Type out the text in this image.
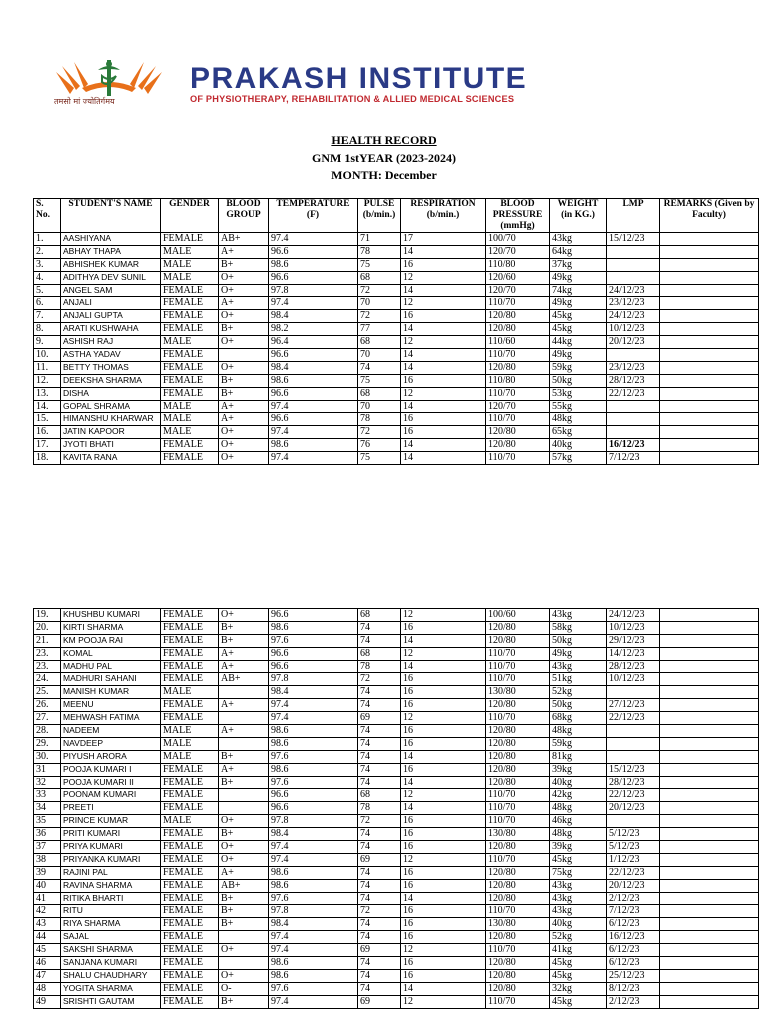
तमसो मां ज्योतिर्गमय
PRAKASH INSTITUTE
OF PHYSIOTHERAPY, REHABILITATION & ALLIED MEDICAL SCIENCES
HEALTH RECORD
GNM 1stYEAR (2023-2024)
MONTH: December
S. No.	STUDENT'S NAME	GENDER	BLOOD GROUP	TEMPERATURE (F)	PULSE (b/min.)	RESPIRATION (b/min.)	BLOOD PRESSURE (mmHg)	WEIGHT (in KG.)	LMP	REMARKS (Given by Faculty)
1.	AASHIYANA	FEMALE	AB+	97.4	71	17	100/70	43kg	15/12/23	
2.	ABHAY THAPA	MALE	A+	96.6	78	14	120/70	64kg		
3.	ABHISHEK KUMAR	MALE	B+	98.6	75	16	110/80	37kg		
4.	ADITHYA DEV SUNIL	MALE	O+	96.6	68	12	120/60	49kg		
5.	ANGEL SAM	FEMALE	O+	97.8	72	14	120/70	74kg	24/12/23	
6.	ANJALI	FEMALE	A+	97.4	70	12	110/70	49kg	23/12/23	
7.	ANJALI GUPTA	FEMALE	O+	98.4	72	16	120/80	45kg	24/12/23	
8.	ARATI KUSHWAHA	FEMALE	B+	98.2	77	14	120/80	45kg	10/12/23	
9.	ASHISH RAJ	MALE	O+	96.4	68	12	110/60	44kg	20/12/23	
10.	ASTHA YADAV	FEMALE		96.6	70	14	110/70	49kg		
11.	BETTY THOMAS	FEMALE	O+	98.4	74	14	120/80	59kg	23/12/23	
12.	DEEKSHA SHARMA	FEMALE	B+	98.6	75	16	110/80	50kg	28/12/23	
13.	DISHA	FEMALE	B+	96.6	68	12	110/70	53kg	22/12/23	
14.	GOPAL SHRAMA	MALE	A+	97.4	70	14	120/70	55kg		
15.	HIMANSHU KHARWAR	MALE	A+	96.6	78	16	110/70	48kg		
16.	JATIN KAPOOR	MALE	O+	97.4	72	16	120/80	65kg		
17.	JYOTI BHATI	FEMALE	O+	98.6	76	14	120/80	40kg	16/12/23	
18.	KAVITA RANA	FEMALE	O+	97.4	75	14	110/70	57kg	7/12/23	
19.	KHUSHBU KUMARI	FEMALE	O+	96.6	68	12	100/60	43kg	24/12/23	
20.	KIRTI SHARMA	FEMALE	B+	98.6	74	16	120/80	58kg	10/12/23	
21.	KM POOJA RAI	FEMALE	B+	97.6	74	14	120/80	50kg	29/12/23	
23.	KOMAL	FEMALE	A+	96.6	68	12	110/70	49kg	14/12/23	
23.	MADHU PAL	FEMALE	A+	96.6	78	14	110/70	43kg	28/12/23	
24.	MADHURI SAHANI	FEMALE	AB+	97.8	72	16	110/70	51kg	10/12/23	
25.	MANISH KUMAR	MALE		98.4	74	16	130/80	52kg		
26.	MEENU	FEMALE	A+	97.4	74	16	120/80	50kg	27/12/23	
27.	MEHWASH FATIMA	FEMALE		97.4	69	12	110/70	68kg	22/12/23	
28.	NADEEM	MALE	A+	98.6	74	16	120/80	48kg		
29.	NAVDEEP	MALE		98.6	74	16	120/80	59kg		
30.	PIYUSH ARORA	MALE	B+	97.6	74	14	120/80	81kg		
31	POOJA KUMARI I	FEMALE	A+	98.6	74	16	120/80	39kg	15/12/23	
32	POOJA KUMARI II	FEMALE	B+	97.6	74	14	120/80	40kg	28/12/23	
33	POONAM KUMARI	FEMALE		96.6	68	12	110/70	42kg	22/12/23	
34	PREETI	FEMALE		96.6	78	14	110/70	48kg	20/12/23	
35	PRINCE KUMAR	MALE	O+	97.8	72	16	110/70	46kg		
36	PRITI KUMARI	FEMALE	B+	98.4	74	16	130/80	48kg	5/12/23	
37	PRIYA KUMARI	FEMALE	O+	97.4	74	16	120/80	39kg	5/12/23	
38	PRIYANKA KUMARI	FEMALE	O+	97.4	69	12	110/70	45kg	1/12/23	
39	RAJINI PAL	FEMALE	A+	98.6	74	16	120/80	75kg	22/12/23	
40	RAVINA SHARMA	FEMALE	AB+	98.6	74	16	120/80	43kg	20/12/23	
41	RITIKA BHARTI	FEMALE	B+	97.6	74	14	120/80	43kg	2/12/23	
42	RITU	FEMALE	B+	97.8	72	16	110/70	43kg	7/12/23	
43	RIYA SHARMA	FEMALE	B+	98.4	74	16	130/80	40kg	6/12/23	
44	SAJAL	FEMALE		97.4	74	16	120/80	52kg	16/12/23	
45	SAKSHI SHARMA	FEMALE	O+	97.4	69	12	110/70	41kg	6/12/23	
46	SANJANA KUMARI	FEMALE		98.6	74	16	120/80	45kg	6/12/23	
47	SHALU CHAUDHARY	FEMALE	O+	98.6	74	16	120/80	45kg	25/12/23	
48	YOGITA SHARMA	FEMALE	O-	97.6	74	14	120/80	32kg	8/12/23	
49	SRISHTI GAUTAM	FEMALE	B+	97.4	69	12	110/70	45kg	2/12/23	
